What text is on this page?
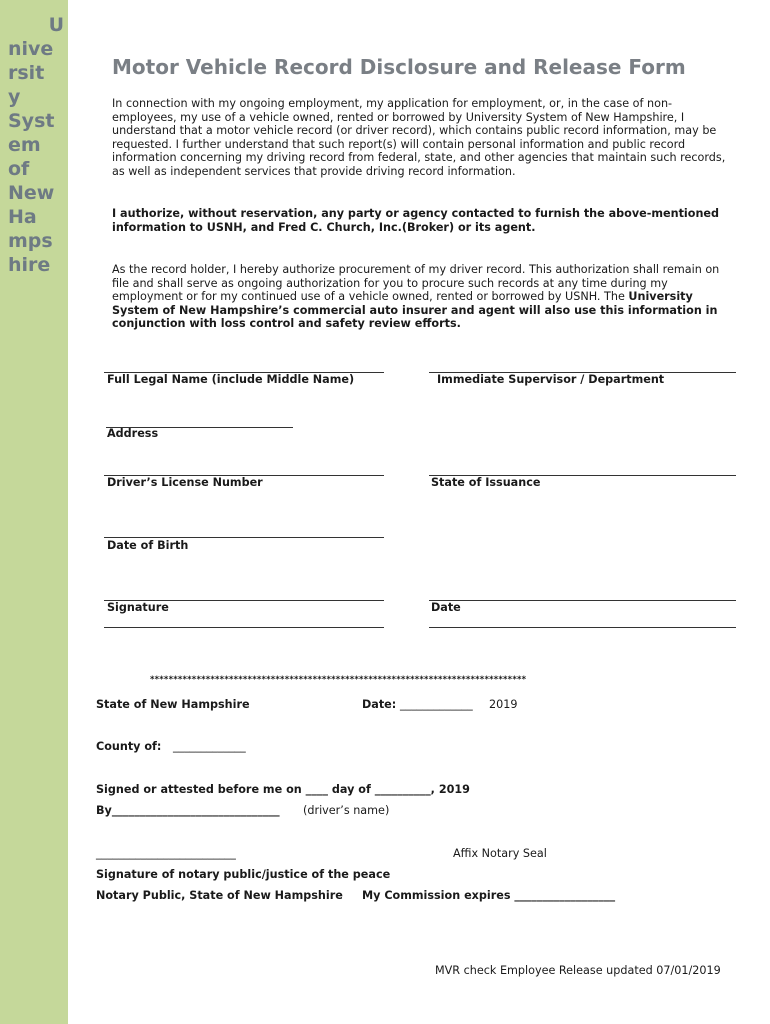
U
nive
rsit
y
Syst
em
of
New
Ha
mps
hire
Motor Vehicle Record Disclosure and Release Form

In connection with my ongoing employment, my application for employment, or, in the case of non-employees, my use of a vehicle owned, rented or borrowed by University System of New Hampshire, I understand that a motor vehicle record (or driver record), which contains public record information, may be requested. I further understand that such report(s) will contain personal information and public record information concerning my driving record from federal, state, and other agencies that maintain such records, as well as independent services that provide driving record information.

I authorize, without reservation, any party or agency contacted to furnish the above-mentioned information to USNH, and Fred C. Church, Inc.(Broker) or its agent.

As the record holder, I hereby authorize procurement of my driver record. This authorization shall remain on file and shall serve as ongoing authorization for you to procure such records at any time during my employment or for my continued use of a vehicle owned, rented or borrowed by USNH. The University System of New Hampshire’s commercial auto insurer and agent will also use this information in conjunction with loss control and safety review efforts.

Full Legal Name (include Middle Name)	Immediate Supervisor / Department

Address

Driver’s License Number	State of Issuance

Date of Birth

Signature	Date

*********************************************************************************

State of New Hampshire	Date: _____________ 2019

County of: _____________

Signed or attested before me on ____ day of __________, 2019

By______________________________ (driver’s name)

_________________________	Affix Notary Seal

Signature of notary public/justice of the peace

Notary Public, State of New Hampshire My Commission expires __________________

MVR check Employee Release updated 07/01/2019
